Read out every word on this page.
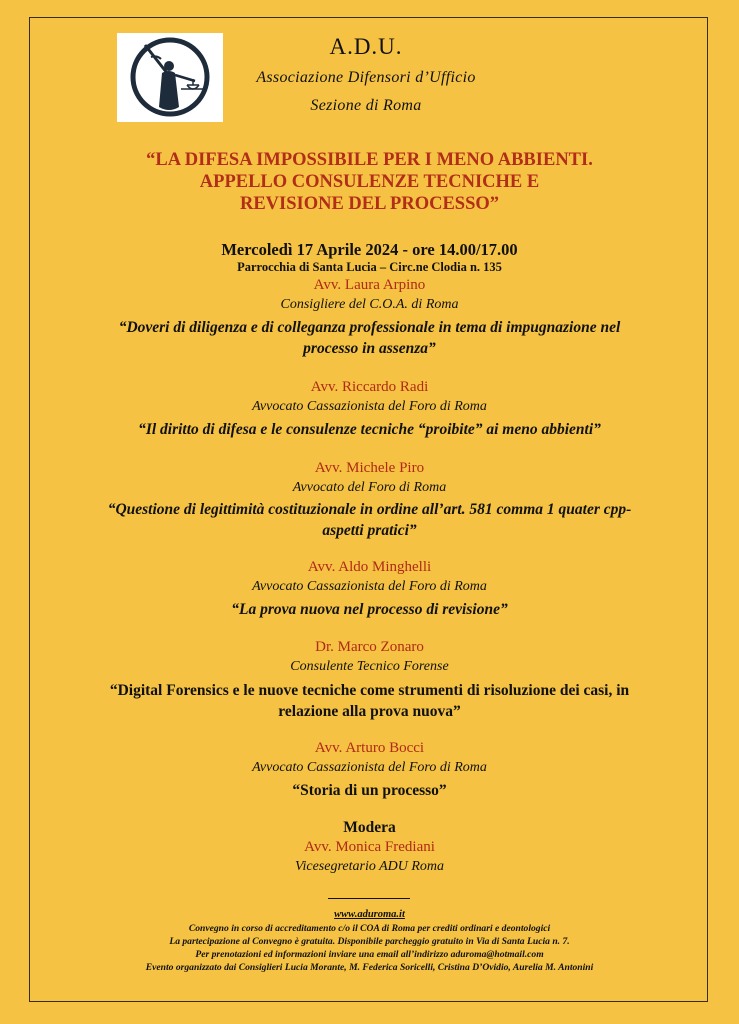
A.D.U.
Associazione Difensori d’Ufficio
Sezione di Roma
“LA DIFESA IMPOSSIBILE PER I MENO ABBIENTI.
APPELLO CONSULENZE TECNICHE E
REVISIONE DEL PROCESSO”
Mercoledì 17 Aprile 2024 - ore 14.00/17.00
Parrocchia di Santa Lucia – Circ.ne Clodia n. 135
Avv. Laura Arpino
Consigliere del C.O.A. di Roma
“Doveri di diligenza e di colleganza professionale in tema di impugnazione nel
processo in assenza”
Avv. Riccardo Radi
Avvocato Cassazionista del Foro di Roma
“Il diritto di difesa e le consulenze tecniche “proibite” ai meno abbienti”
Avv. Michele Piro
Avvocato del Foro di Roma
“Questione di legittimità costituzionale in ordine all’art. 581 comma 1 quater cpp-
aspetti pratici”
Avv. Aldo Minghelli
Avvocato Cassazionista del Foro di Roma
“La prova nuova nel processo di revisione”
Dr. Marco Zonaro
Consulente Tecnico Forense
“Digital Forensics e le nuove tecniche come strumenti di risoluzione dei casi, in
relazione alla prova nuova”
Avv. Arturo Bocci
Avvocato Cassazionista del Foro di Roma
“Storia di un processo”
Modera
Avv. Monica Frediani
Vicesegretario ADU Roma
www.aduroma.it
Convegno in corso di accreditamento c/o il COA di Roma per crediti ordinari e deontologici
La partecipazione al Convegno è gratuita. Disponibile parcheggio gratuito in Via di Santa Lucia n. 7.
Per prenotazioni ed informazioni inviare una email all’indirizzo aduroma@hotmail.com
Evento organizzato dai Consiglieri Lucia Morante, M. Federica Soricelli, Cristina D’Ovidio, Aurelia M. Antonini
